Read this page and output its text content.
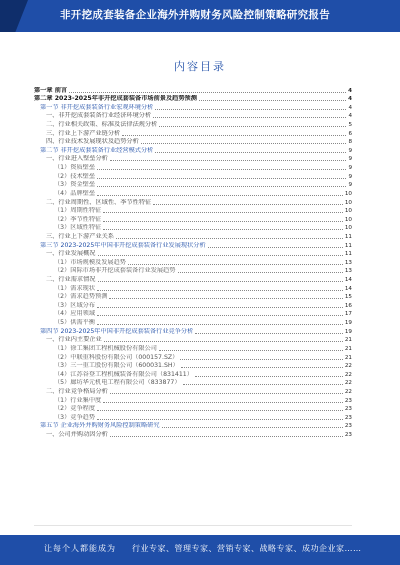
非开挖成套装备企业海外并购财务风险控制策略研究报告
内容目录
第一章 前言	4
第二章 2023-2025年非开挖成套装备市场前景及趋势预测	4
第一节 非开挖成套装备行业宏观环境分析	4
一、非开挖成套装备行业经济环境分析	4
二、行业相关政策、标准及法律法规分析	5
三、行业上下游产业链分析	6
四、行业技术发展现状及趋势分析	8
第二节 非开挖成套装备行业经营模式分析	9
一、行业进入壁垒分析	9
（1）资质壁垒	9
（2）技术壁垒	9
（3）资金壁垒	9
（4）品牌壁垒	10
二、行业周期性、区域性、季节性特征	10
（1）周期性特征	10
（2）季节性特征	10
（3）区域性特征	10
三、行业上下游产业关系	11
第三节 2023-2025年中国非开挖成套装备行业发展现状分析	11
一、行业发展概况	11
（1）市场规模及发展趋势	13
（2）国际市场非开挖成套装备行业发展趋势	13
二、行业需求情况	14
（1）需求现状	14
（2）需求趋势预测	15
（3）区域分布	16
（4）应用领域	17
（5）供需平衡	19
第四节 2023-2025年中国非开挖成套装备行业竞争分析	19
一、行业内主要企业	21
（1）徐工集团工程机械股份有限公司	21
（2）中联重科股份有限公司（000157.SZ）	21
（3）三一重工股份有限公司（600031.SH）	22
（4）江苏谷登工程机械装备有限公司（831411）	22
（5）廊坊华元机电工程有限公司（833877）	22
二、行业竞争格局分析	22
（1）行业集中度	23
（2）竞争程度	23
（3）竞争趋势	23
第五节 企业海外并购财务风险控制策略研究	23
一、公司并购动因分析	23
让每个人都能成为 行业专家、管理专家、营销专家、战略专家、成功企业家……
